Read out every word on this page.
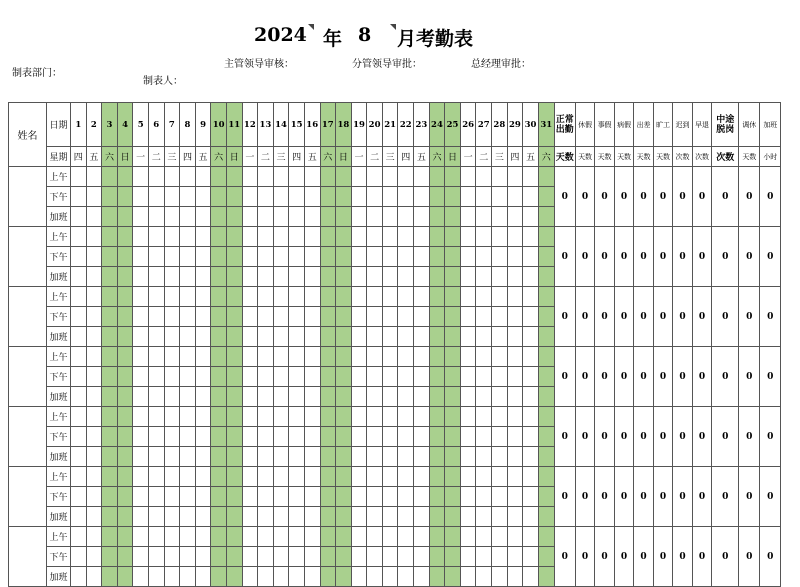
2024 年 8 月考勤表
主管领导审核：	分管领导审批：	总经理审批：
制表部门：
制表人：
姓名	日期	1	2	3	4	5	6	7	8	9	10	11	12	13	14	15	16	17	18	19	20	21	22	23	24	25	26	27	28	29	30	31	正常出勤	休假	事假	病假	出差	旷工	迟到	早退	中途脱岗	调休	加班
	星期	四	五	六	日	一	二	三	四	五	六	日	一	二	三	四	五	六	日	一	二	三	四	五	六	日	一	二	三	四	五	六	天数	天数	天数	天数	天数	天数	次数	次数	次数	天数	小时
	上午																																0	0	0	0	0	0	0	0	0	0	0
	下午																																										
	加班																																										
	上午																																0	0	0	0	0	0	0	0	0	0	0
	下午																																										
	加班																																										
	上午																																0	0	0	0	0	0	0	0	0	0	0
	下午																																										
	加班																																										
	上午																																0	0	0	0	0	0	0	0	0	0	0
	下午																																										
	加班																																										
	上午																																0	0	0	0	0	0	0	0	0	0	0
	下午																																										
	加班																																										
	上午																																0	0	0	0	0	0	0	0	0	0	0
	下午																																										
	加班																																										
	上午																																0	0	0	0	0	0	0	0	0	0	0
	下午																																										
	加班																																										
